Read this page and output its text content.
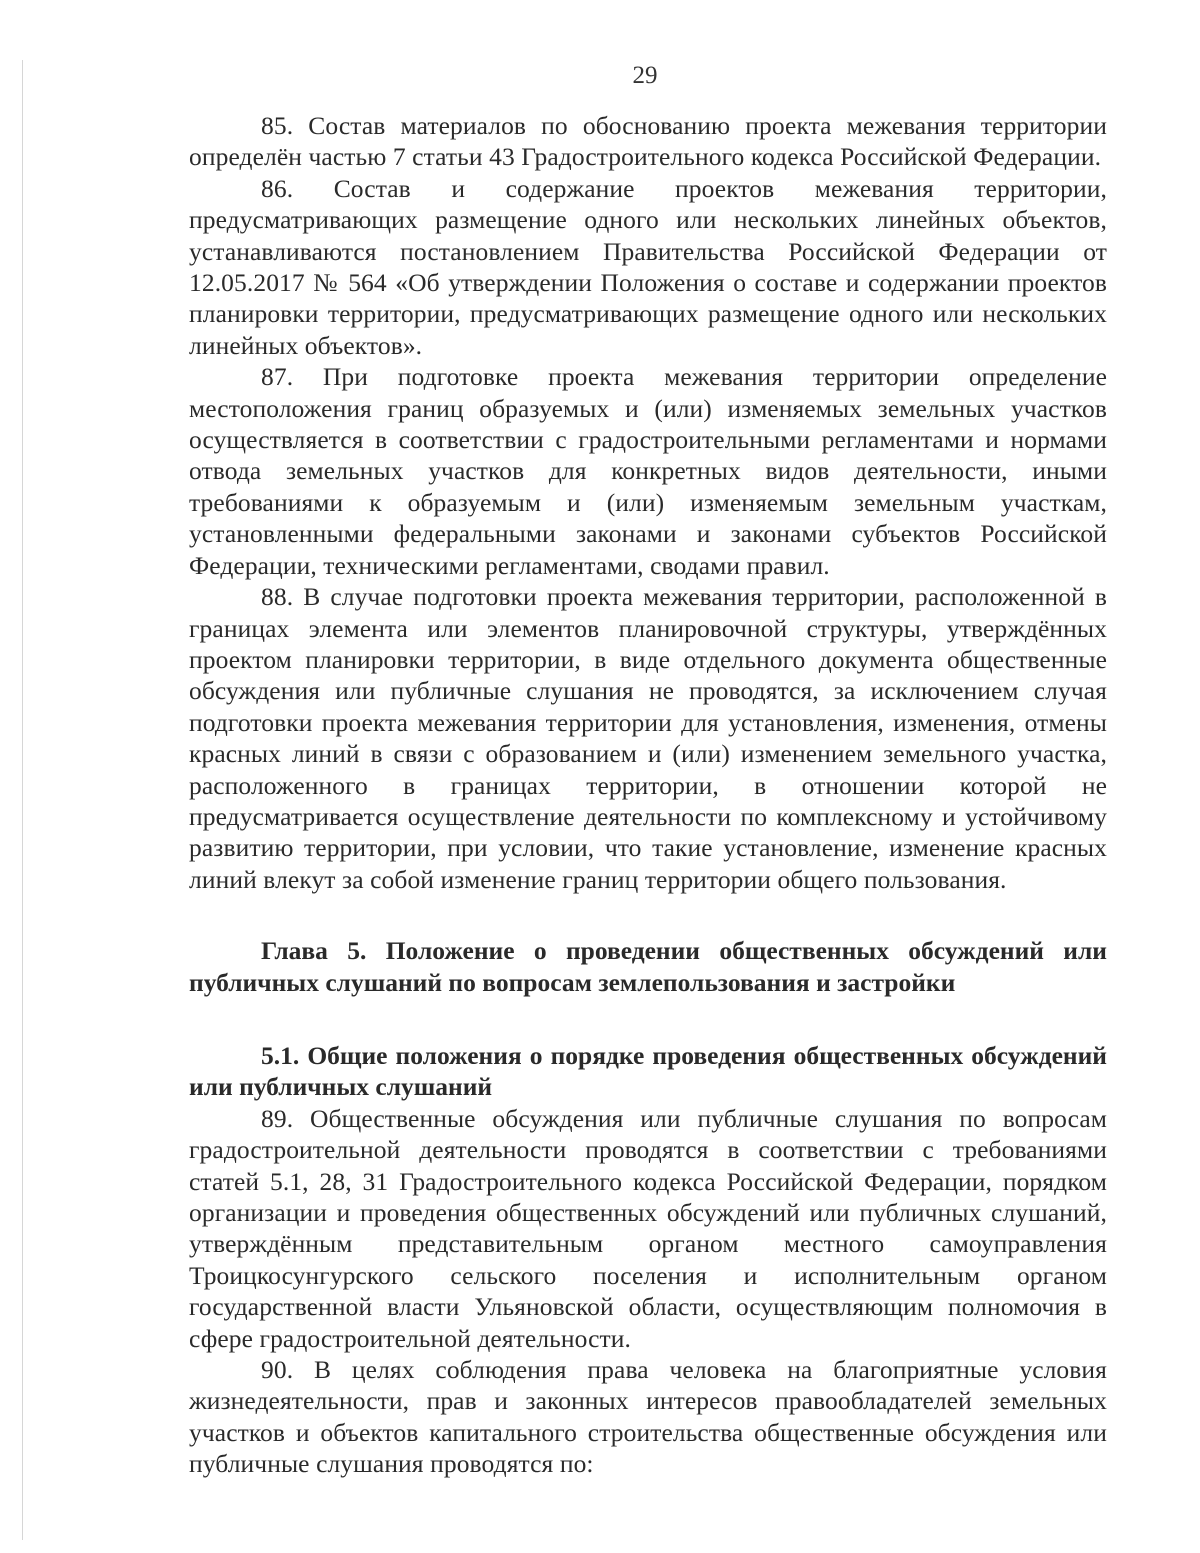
29

85. Состав материалов по обоснованию проекта межевания территории определён частью 7 статьи 43 Градостроительного кодекса Российской Федерации.

86. Состав и содержание проектов межевания территории, предусматривающих размещение одного или нескольких линейных объектов, устанавливаются постановлением Правительства Российской Федерации от 12.05.2017 № 564 «Об утверждении Положения о составе и содержании проектов планировки территории, предусматривающих размещение одного или нескольких линейных объектов».

87. При подготовке проекта межевания территории определение местоположения границ образуемых и (или) изменяемых земельных участков осуществляется в соответствии с градостроительными регламентами и нормами отвода земельных участков для конкретных видов деятельности, иными требованиями к образуемым и (или) изменяемым земельным участкам, установленными федеральными законами и законами субъектов Российской Федерации, техническими регламентами, сводами правил.

88. В случае подготовки проекта межевания территории, расположенной в границах элемента или элементов планировочной структуры, утверждённых проектом планировки территории, в виде отдельного документа общественные обсуждения или публичные слушания не проводятся, за исключением случая подготовки проекта межевания территории для установления, изменения, отмены красных линий в связи с образованием и (или) изменением земельного участка, расположенного в границах территории, в отношении которой не предусматривается осуществление деятельности по комплексному и устойчивому развитию территории, при условии, что такие установление, изменение красных линий влекут за собой изменение границ территории общего пользования.

Глава 5. Положение о проведении общественных обсуждений или публичных слушаний по вопросам землепользования и застройки

5.1. Общие положения о порядке проведения общественных обсуждений или публичных слушаний

89. Общественные обсуждения или публичные слушания по вопросам градостроительной деятельности проводятся в соответствии с требованиями статей 5.1, 28, 31 Градостроительного кодекса Российской Федерации, порядком организации и проведения общественных обсуждений или публичных слушаний, утверждённым представительным органом местного самоуправления Троицкосунгурского сельского поселения и исполнительным органом государственной власти Ульяновской области, осуществляющим полномочия в сфере градостроительной деятельности.

90. В целях соблюдения права человека на благоприятные условия жизнедеятельности, прав и законных интересов правообладателей земельных участков и объектов капитального строительства общественные обсуждения или публичные слушания проводятся по:
